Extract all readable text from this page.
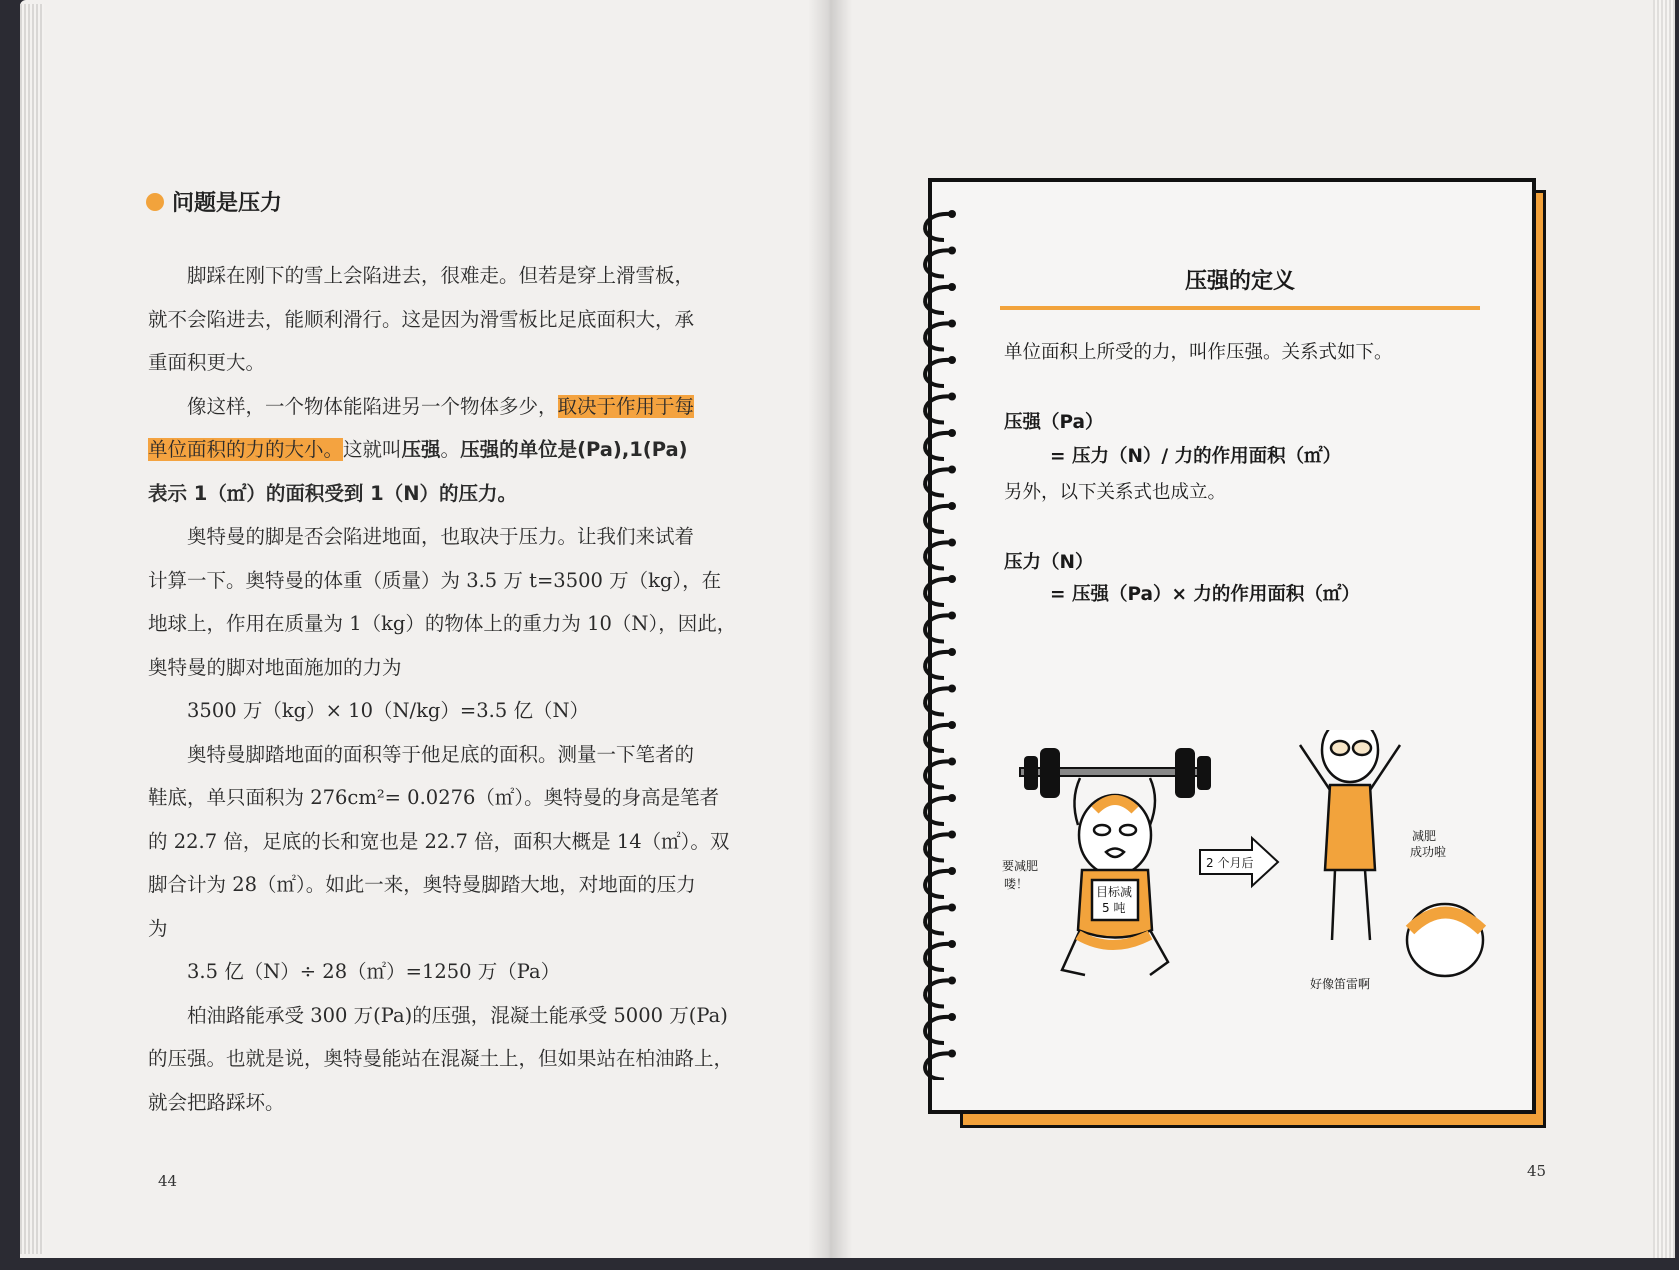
问题是压力
　　脚踩在刚下的雪上会陷进去，很难走。但若是穿上滑雪板，
就不会陷进去，能顺利滑行。这是因为滑雪板比足底面积大，承
重面积更大。
　　像这样，一个物体能陷进另一个物体多少，取决于作用于每
单位面积的力的大小。这就叫压强。压强的单位是(Pa),1(Pa)
表示 1（㎡）的面积受到 1（N）的压力。
　　奥特曼的脚是否会陷进地面，也取决于压力。让我们来试着
计算一下。奥特曼的体重（质量）为 3.5 万 t=3500 万（kg），在
地球上，作用在质量为 1（kg）的物体上的重力为 10（N），因此，
奥特曼的脚对地面施加的力为
　　3500 万（kg）× 10（N/kg）=3.5 亿（N）
　　奥特曼脚踏地面的面积等于他足底的面积。测量一下笔者的
鞋底，单只面积为 276cm²= 0.0276（㎡）。奥特曼的身高是笔者
的 22.7 倍，足底的长和宽也是 22.7 倍，面积大概是 14（㎡）。双
脚合计为 28（㎡）。如此一来，奥特曼脚踏大地，对地面的压力
为
　　3.5 亿（N）÷ 28（㎡）=1250 万（Pa）
　　柏油路能承受 300 万(Pa)的压强，混凝土能承受 5000 万(Pa)
的压强。也就是说，奥特曼能站在混凝土上，但如果站在柏油路上，
就会把路踩坏。
44
压强的定义
单位面积上所受的力，叫作压强。关系式如下。
压强（Pa）
= 压力（N）/ 力的作用面积（㎡）
另外，以下关系式也成立。
压力（N）
= 压强（Pa）× 力的作用面积（㎡）
目标减
5 吨
要减肥
喽！
2 个月后
减肥
成功啦
好像笛雷啊
45
